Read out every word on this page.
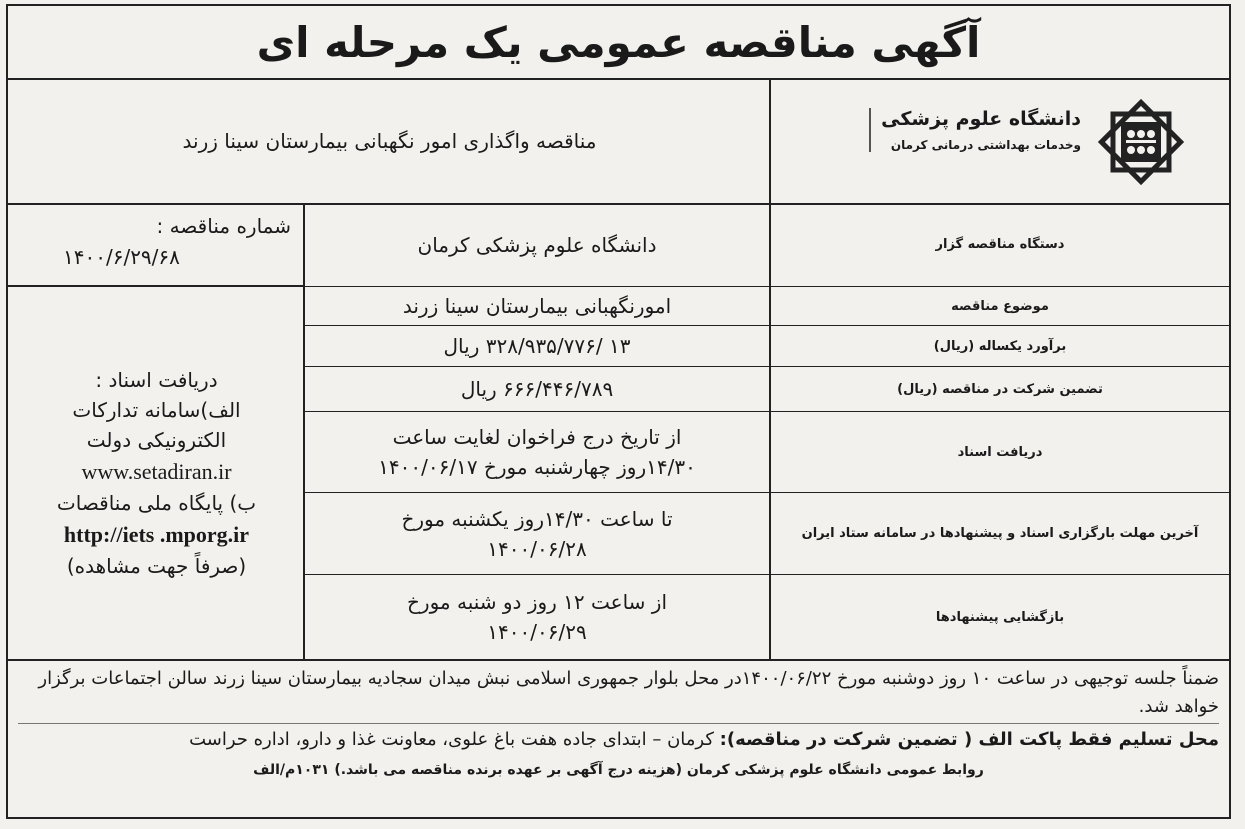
آگهی مناقصه عمومی یک مرحله ای
دانشگاه علوم پزشکی
وخدمات بهداشتی درمانی کرمان
مناقصه واگذاری امور نگهبانی بیمارستان سینا زرند
دستگاه مناقصه گزار
موضوع مناقصه
برآورد یکساله (ریال)
تضمین شرکت در مناقصه (ریال)
دریافت اسناد
آخرین مهلت بارگزاری اسناد و پیشنهادها در سامانه ستاد ایران
بازگشایی پیشنهادها
دانشگاه علوم پزشکی کرمان
امورنگهبانی بیمارستان سینا زرند
۱۳ /۳۲۸/۹۳۵/۷۷۶ ریال
۶۶۶/۴۴۶/۷۸۹ ریال
از تاریخ درج فراخوان لغایت ساعت
۱۴/۳۰روز چهارشنبه مورخ ۱۴۰۰/۰۶/۱۷
تا ساعت ۱۴/۳۰روز یکشنبه مورخ
۱۴۰۰/۰۶/۲۸
از ساعت ۱۲ روز دو شنبه مورخ
۱۴۰۰/۰۶/۲۹
شماره مناقصه :
۱۴۰۰/۶/۲۹/۶۸
دریافت اسناد :
الف)سامانه تدارکات
الکترونیکی دولت
www.setadiran.ir
ب) پایگاه ملی مناقصات
http://iets .mporg.ir
(صرفاً جهت مشاهده)
ضمناً جلسه توجیهی در ساعت ۱۰ روز دوشنبه مورخ ۱۴۰۰/۰۶/۲۲در محل بلوار جمهوری اسلامی نبش میدان سجادیه بیمارستان سینا زرند سالن اجتماعات برگزار خواهد شد.
محل تسلیم فقط پاکت الف ( تضمین شرکت در مناقصه): کرمان – ابتدای جاده هفت باغ علوی، معاونت غذا و دارو، اداره حراست
روابط عمومی دانشگاه علوم پزشکی کرمان (هزینه درج آگهی بر عهده برنده مناقصه می باشد.) ۱۰۳۱م/الف
